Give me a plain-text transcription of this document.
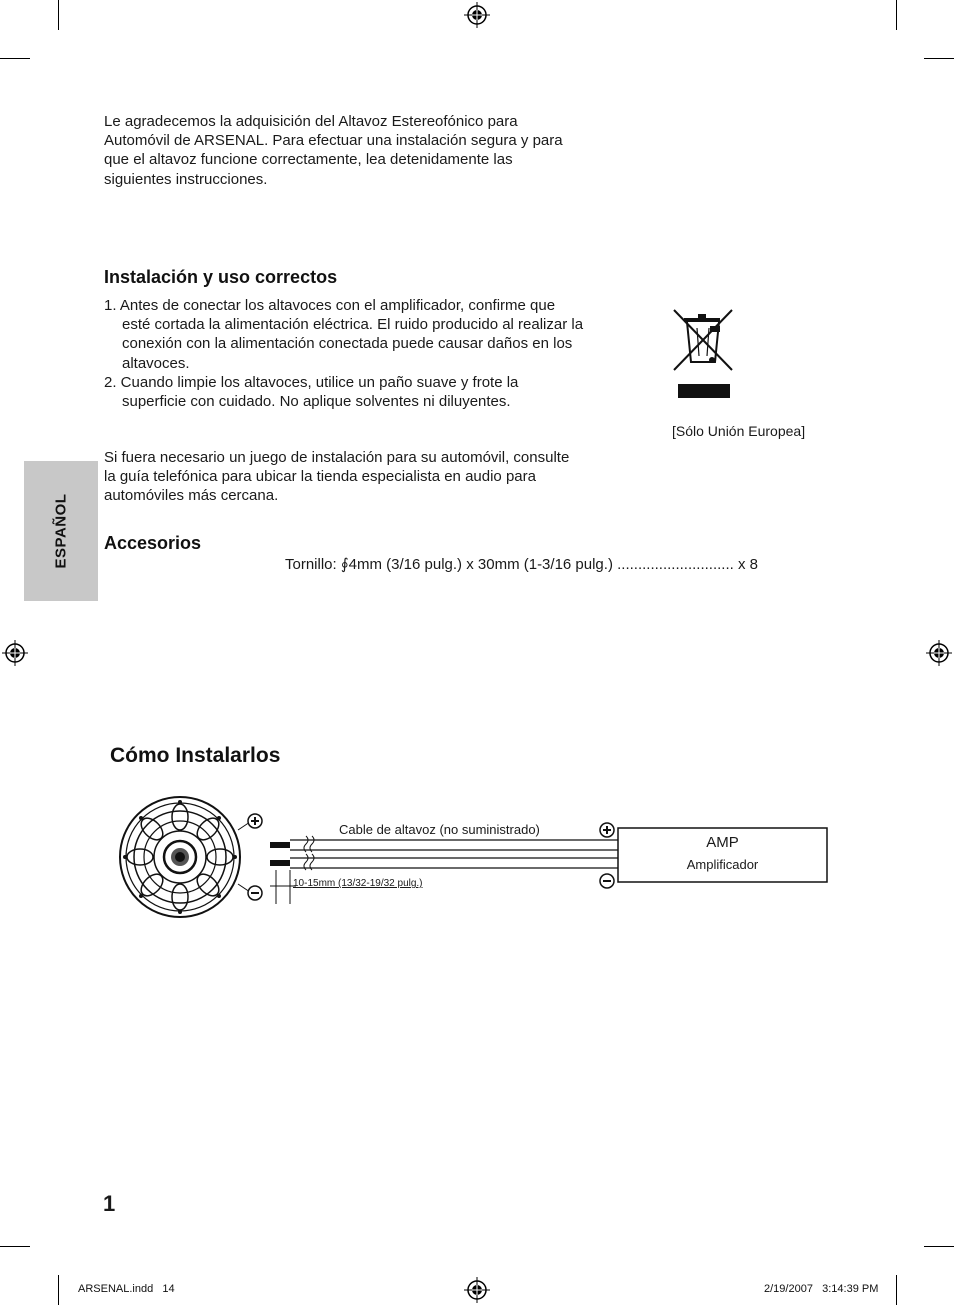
Le agradecemos la adquisición del Altavoz Estereofónico para Automóvil de ARSENAL. Para efectuar una instalación segura y para que el altavoz funcione correctamente, lea detenidamente las siguientes instrucciones.
Instalación y uso correctos

1. Antes de conectar los altavoces con el amplificador, confirme que esté cortada la alimentación eléctrica. El ruido producido al realizar la conexión con la alimentación conectada puede causar daños en los altavoces.

2. Cuando limpie los altavoces, utilice un paño suave y frote la superficie con cuidado. No aplique solventes ni diluyentes.

[Sólo Unión Europea]
Si fuera necesario un juego de instalación para su automóvil, consulte la guía telefónica para ubicar la tienda especialista en audio para automóviles más cercana.
ESPAÑOL Accesorios
Tornillo: ∮4mm (3/16 pulg.) x 30mm (1-3/16 pulg.) ............................ x 8
Cómo Instalarlos
Cable de altavoz (no suministrado)
10-15mm (13/32-19/32 pulg.)
AMP
Amplificador
1
ARSENAL.indd   14	2/19/2007   3:14:39 PM
